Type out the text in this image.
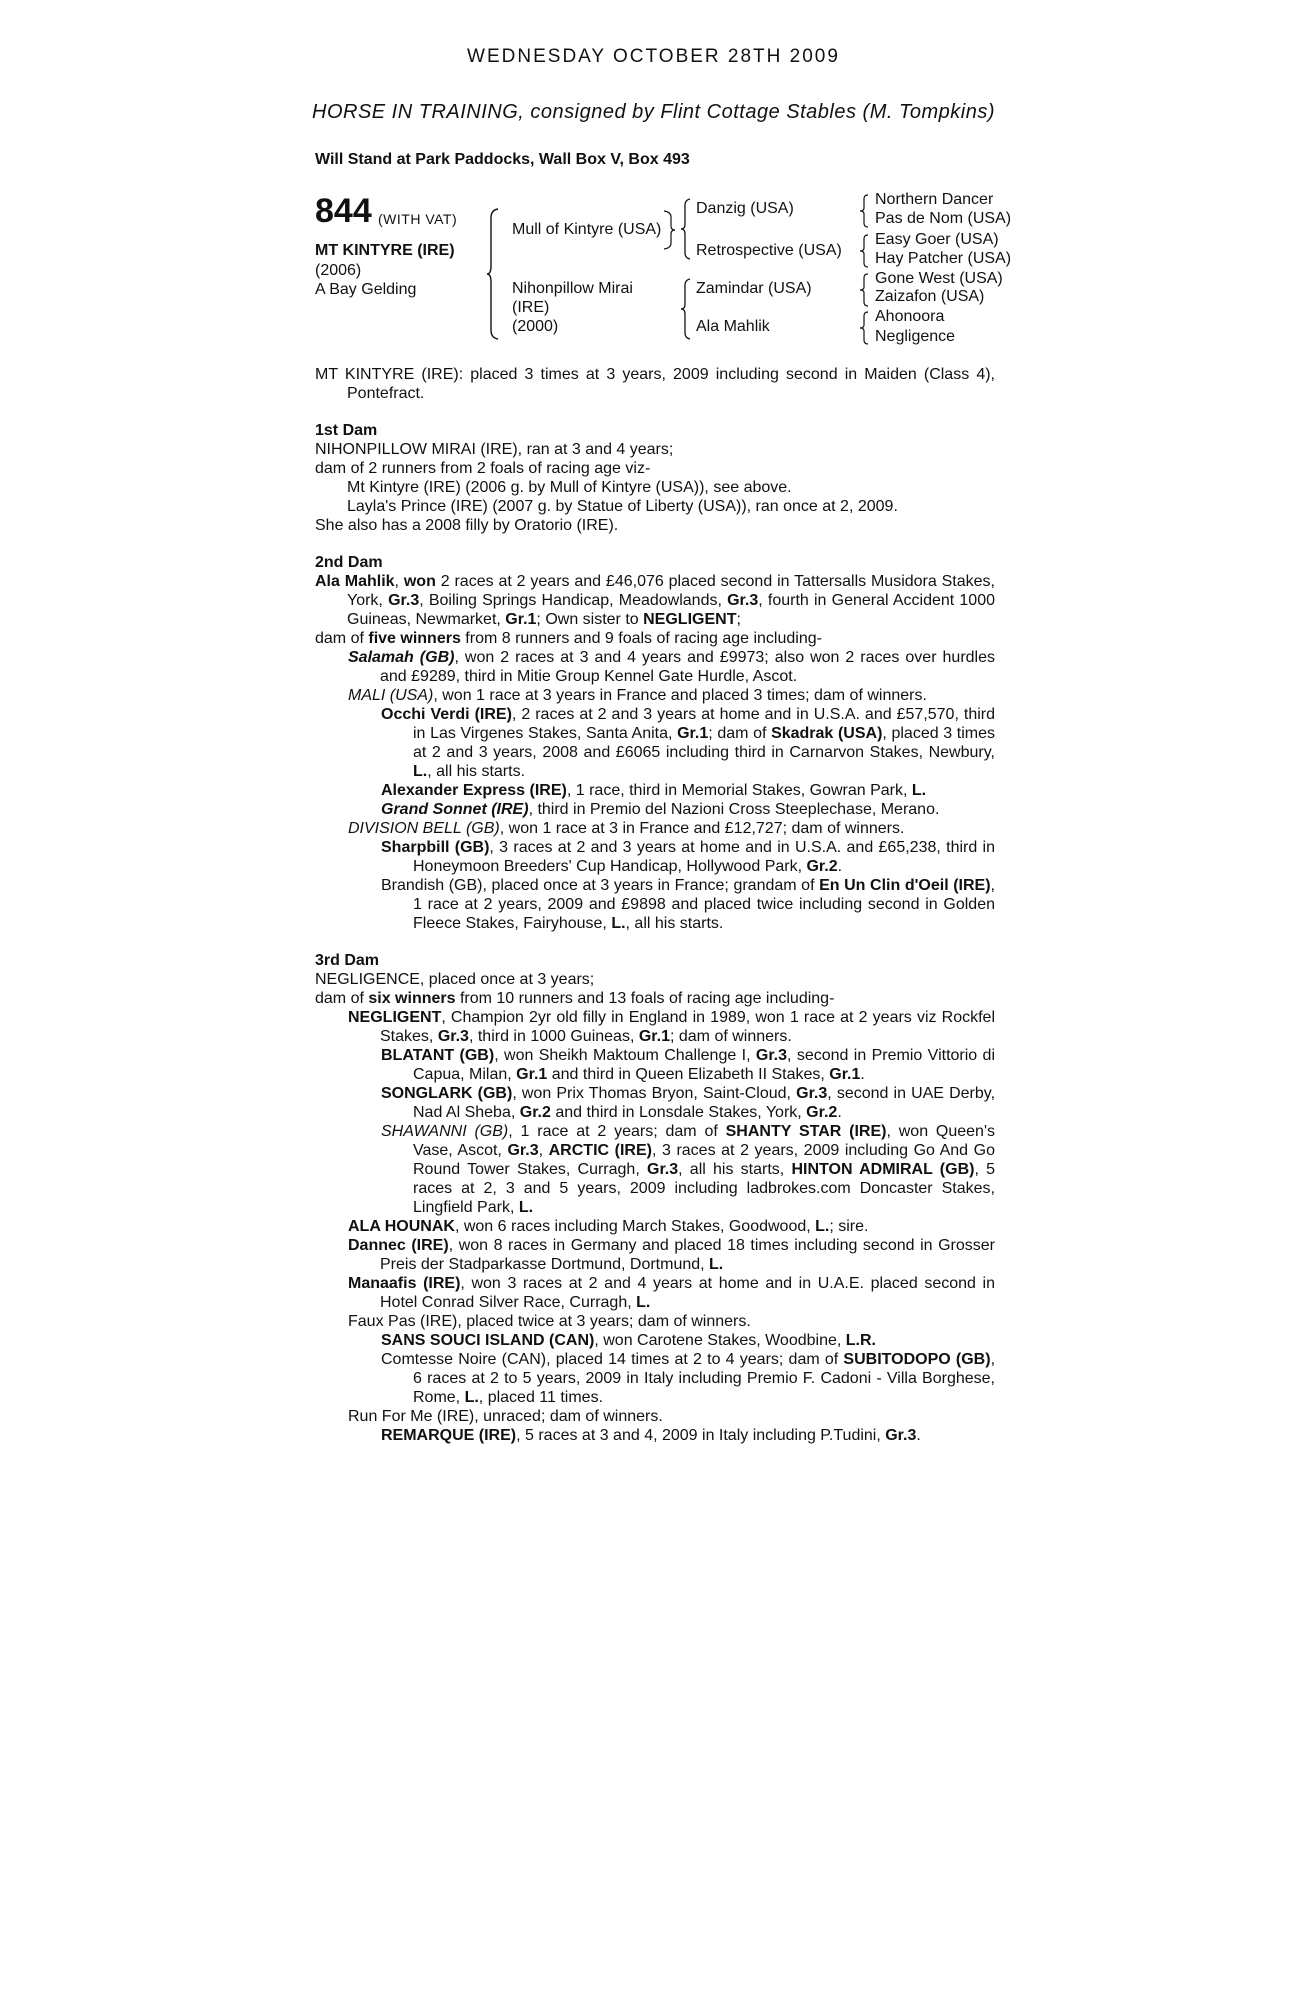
WEDNESDAY OCTOBER 28TH 2009
HORSE IN TRAINING, consigned by Flint Cottage Stables (M. Tompkins)
Will Stand at Park Paddocks, Wall Box V, Box 493
844 (WITH VAT)
MT KINTYRE (IRE)
(2006)
A Bay Gelding
Mull of Kintyre (USA)
Nihonpillow Mirai
(IRE)
(2000)
Danzig (USA)
Retrospective (USA)
Zamindar (USA)
Ala Mahlik
Northern Dancer
Pas de Nom (USA)
Easy Goer (USA)
Hay Patcher (USA)
Gone West (USA)
Zaizafon (USA)
Ahonoora
Negligence

MT KINTYRE (IRE): placed 3 times at 3 years, 2009 including second in Maiden (Class 4), Pontefract.

1st Dam

NIHONPILLOW MIRAI (IRE), ran at 3 and 4 years;

dam of 2 runners from 2 foals of racing age viz-

Mt Kintyre (IRE) (2006 g. by Mull of Kintyre (USA)), see above.

Layla's Prince (IRE) (2007 g. by Statue of Liberty (USA)), ran once at 2, 2009.

She also has a 2008 filly by Oratorio (IRE).

2nd Dam

Ala Mahlik, won 2 races at 2 years and £46,076 placed second in Tattersalls Musidora Stakes, York, Gr.3, Boiling Springs Handicap, Meadowlands, Gr.3, fourth in General Accident 1000 Guineas, Newmarket, Gr.1; Own sister to NEGLIGENT;

dam of five winners from 8 runners and 9 foals of racing age including-

Salamah (GB), won 2 races at 3 and 4 years and £9973; also won 2 races over hurdles and £9289, third in Mitie Group Kennel Gate Hurdle, Ascot.

MALI (USA), won 1 race at 3 years in France and placed 3 times; dam of winners.

Occhi Verdi (IRE), 2 races at 2 and 3 years at home and in U.S.A. and £57,570, third in Las Virgenes Stakes, Santa Anita, Gr.1; dam of Skadrak (USA), placed 3 times at 2 and 3 years, 2008 and £6065 including third in Carnarvon Stakes, Newbury, L., all his starts.

Alexander Express (IRE), 1 race, third in Memorial Stakes, Gowran Park, L.

Grand Sonnet (IRE), third in Premio del Nazioni Cross Steeplechase, Merano.

DIVISION BELL (GB), won 1 race at 3 in France and £12,727; dam of winners.

Sharpbill (GB), 3 races at 2 and 3 years at home and in U.S.A. and £65,238, third in Honeymoon Breeders' Cup Handicap, Hollywood Park, Gr.2.

Brandish (GB), placed once at 3 years in France; grandam of En Un Clin d'Oeil (IRE), 1 race at 2 years, 2009 and £9898 and placed twice including second in Golden Fleece Stakes, Fairyhouse, L., all his starts.

3rd Dam

NEGLIGENCE, placed once at 3 years;

dam of six winners from 10 runners and 13 foals of racing age including-

NEGLIGENT, Champion 2yr old filly in England in 1989, won 1 race at 2 years viz Rockfel Stakes, Gr.3, third in 1000 Guineas, Gr.1; dam of winners.

BLATANT (GB), won Sheikh Maktoum Challenge I, Gr.3, second in Premio Vittorio di Capua, Milan, Gr.1 and third in Queen Elizabeth II Stakes, Gr.1.

SONGLARK (GB), won Prix Thomas Bryon, Saint-Cloud, Gr.3, second in UAE Derby, Nad Al Sheba, Gr.2 and third in Lonsdale Stakes, York, Gr.2.

SHAWANNI (GB), 1 race at 2 years; dam of SHANTY STAR (IRE), won Queen's Vase, Ascot, Gr.3, ARCTIC (IRE), 3 races at 2 years, 2009 including Go And Go Round Tower Stakes, Curragh, Gr.3, all his starts, HINTON ADMIRAL (GB), 5 races at 2, 3 and 5 years, 2009 including ladbrokes.com Doncaster Stakes, Lingfield Park, L.

ALA HOUNAK, won 6 races including March Stakes, Goodwood, L.; sire.

Dannec (IRE), won 8 races in Germany and placed 18 times including second in Grosser Preis der Stadparkasse Dortmund, Dortmund, L.

Manaafis (IRE), won 3 races at 2 and 4 years at home and in U.A.E. placed second in Hotel Conrad Silver Race, Curragh, L.

Faux Pas (IRE), placed twice at 3 years; dam of winners.

SANS SOUCI ISLAND (CAN), won Carotene Stakes, Woodbine, L.R.

Comtesse Noire (CAN), placed 14 times at 2 to 4 years; dam of SUBITODOPO (GB), 6 races at 2 to 5 years, 2009 in Italy including Premio F. Cadoni - Villa Borghese, Rome, L., placed 11 times.

Run For Me (IRE), unraced; dam of winners.

REMARQUE (IRE), 5 races at 3 and 4, 2009 in Italy including P.Tudini, Gr.3.
